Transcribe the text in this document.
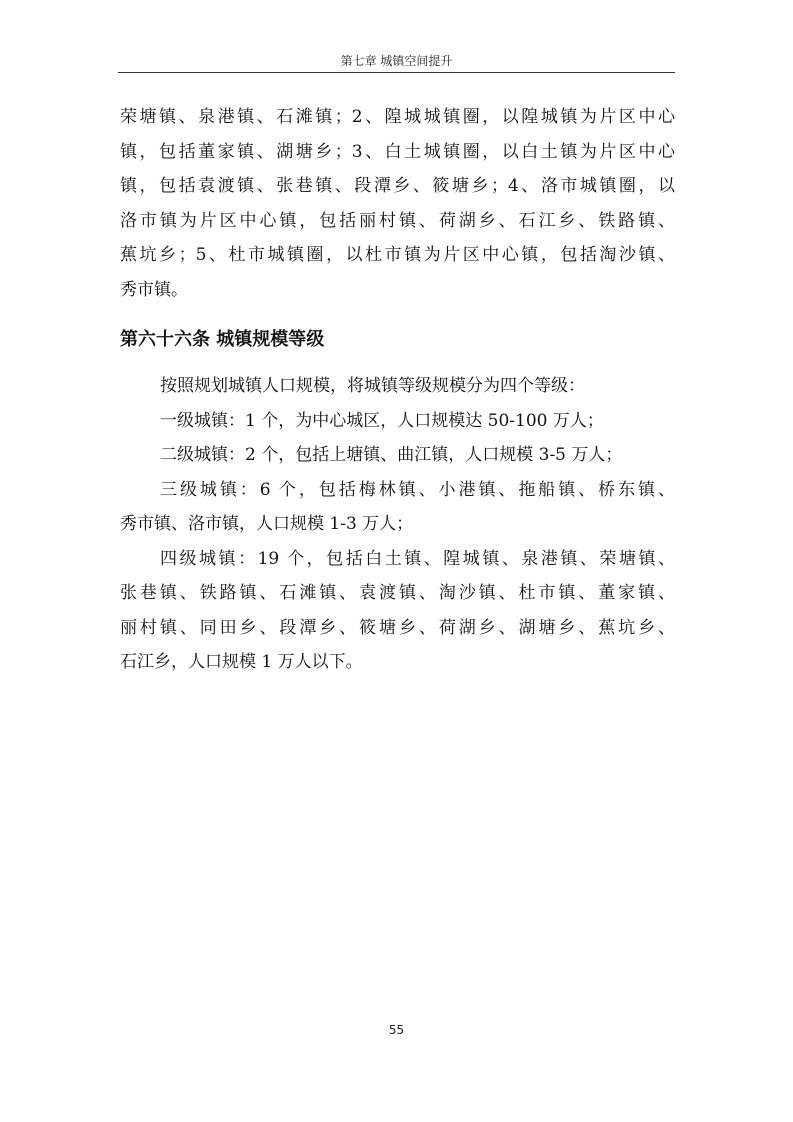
第七章 城镇空间提升
荣塘镇、泉港镇、石滩镇；2、隍城城镇圈，以隍城镇为片区中心
镇，包括董家镇、湖塘乡；3、白土城镇圈，以白土镇为片区中心
镇，包括袁渡镇、张巷镇、段潭乡、筱塘乡；4、洛市城镇圈，以
洛市镇为片区中心镇，包括丽村镇、荷湖乡、石江乡、铁路镇、
蕉坑乡；5、杜市城镇圈，以杜市镇为片区中心镇，包括淘沙镇、
秀市镇。
第六十六条 城镇规模等级
按照规划城镇人口规模，将城镇等级规模分为四个等级：
一级城镇：1 个，为中心城区，人口规模达 50-100 万人；
二级城镇：2 个，包括上塘镇、曲江镇，人口规模 3-5 万人；
三级城镇：6 个，包括梅林镇、小港镇、拖船镇、桥东镇、
秀市镇、洛市镇，人口规模 1-3 万人；
四级城镇：19 个，包括白土镇、隍城镇、泉港镇、荣塘镇、
张巷镇、铁路镇、石滩镇、袁渡镇、淘沙镇、杜市镇、董家镇、
丽村镇、同田乡、段潭乡、筱塘乡、荷湖乡、湖塘乡、蕉坑乡、
石江乡，人口规模 1 万人以下。
55
